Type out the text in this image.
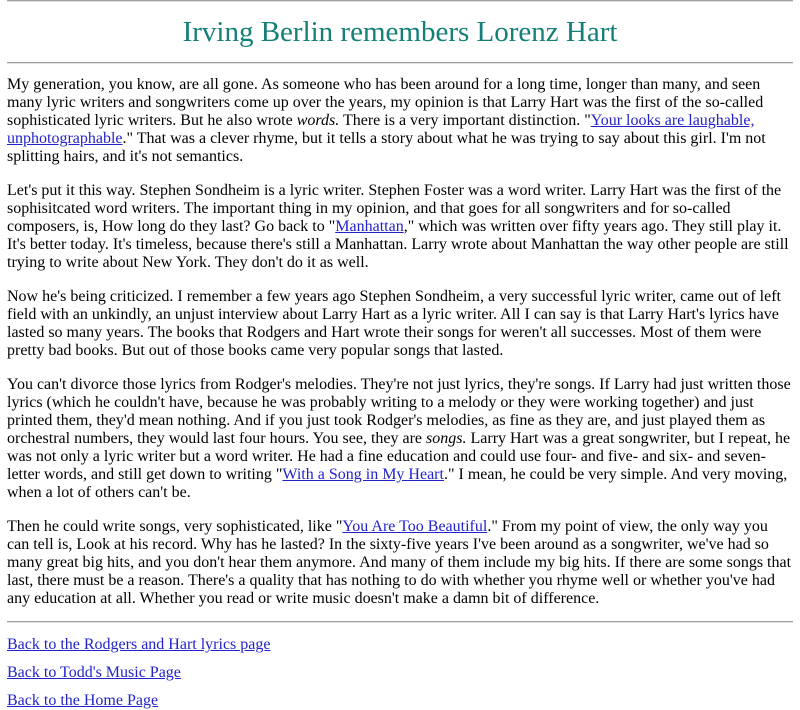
Irving Berlin remembers Lorenz Hart

My generation, you know, are all gone. As someone who has been around for a long time, longer than many, and seen many lyric writers and songwriters come up over the years, my opinion is that Larry Hart was the first of the so-called sophisticated lyric writers. But he also wrote words. There is a very important distinction. "Your looks are laughable, unphotographable." That was a clever rhyme, but it tells a story about what he was trying to say about this girl. I'm not splitting hairs, and it's not semantics.

Let's put it this way. Stephen Sondheim is a lyric writer. Stephen Foster was a word writer. Larry Hart was the first of the sophisitcated word writers. The important thing in my opinion, and that goes for all songwriters and for so-called composers, is, How long do they last? Go back to "Manhattan," which was written over fifty years ago. They still play it. It's better today. It's timeless, because there's still a Manhattan. Larry wrote about Manhattan the way other people are still trying to write about New York. They don't do it as well.

Now he's being criticized. I remember a few years ago Stephen Sondheim, a very successful lyric writer, came out of left field with an unkindly, an unjust interview about Larry Hart as a lyric writer. All I can say is that Larry Hart's lyrics have lasted so many years. The books that Rodgers and Hart wrote their songs for weren't all successes. Most of them were pretty bad books. But out of those books came very popular songs that lasted.

You can't divorce those lyrics from Rodger's melodies. They're not just lyrics, they're songs. If Larry had just written those lyrics (which he couldn't have, because he was probably writing to a melody or they were working together) and just printed them, they'd mean nothing. And if you just took Rodger's melodies, as fine as they are, and just played them as orchestral numbers, they would last four hours. You see, they are songs. Larry Hart was a great songwriter, but I repeat, he was not only a lyric writer but a word writer. He had a fine education and could use four- and five- and six- and seven-letter words, and still get down to writing "With a Song in My Heart." I mean, he could be very simple. And very moving, when a lot of others can't be.

Then he could write songs, very sophisticated, like "You Are Too Beautiful." From my point of view, the only way you can tell is, Look at his record. Why has he lasted? In the sixty-five years I've been around as a songwriter, we've had so many great big hits, and you don't hear them anymore. And many of them include my big hits. If there are some songs that last, there must be a reason. There's a quality that has nothing to do with whether you rhyme well or whether you've had any education at all. Whether you read or write music doesn't make a damn bit of difference.

Back to the Rodgers and Hart lyrics page

Back to Todd's Music Page

Back to the Home Page
